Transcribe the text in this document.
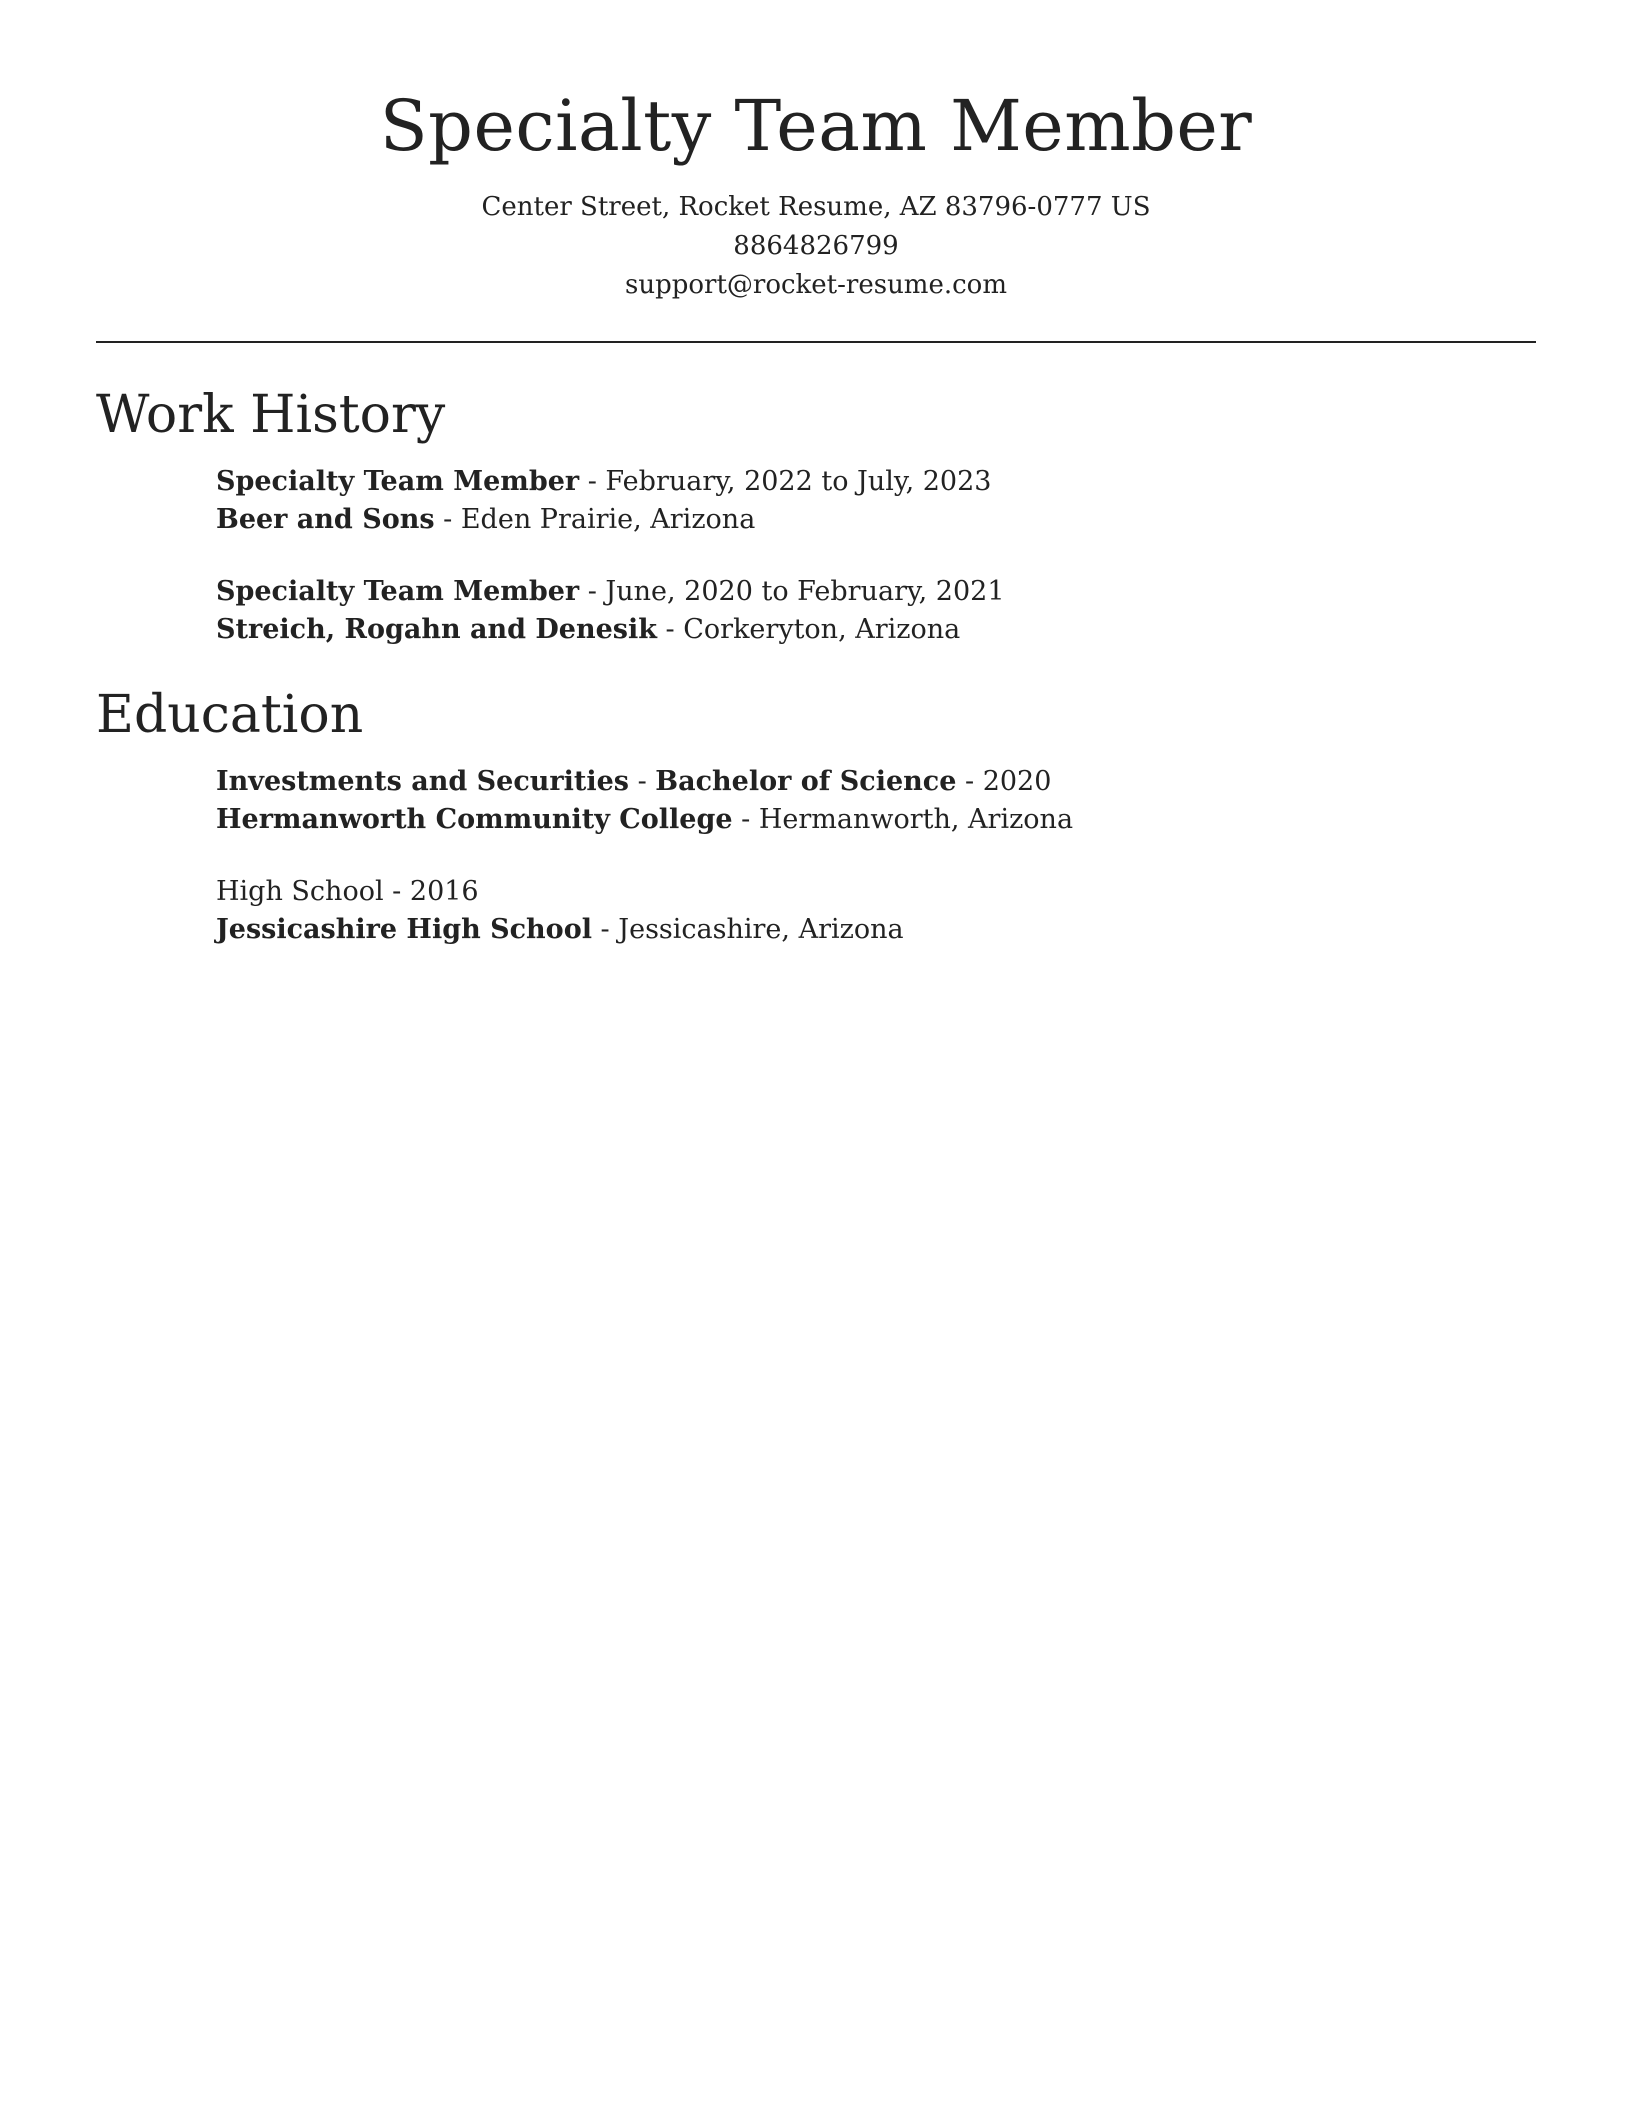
Specialty Team Member
Center Street, Rocket Resume, AZ 83796-0777 US
8864826799
support@rocket-resume.com
Work History
Specialty Team Member - February, 2022 to July, 2023
Beer and Sons - Eden Prairie, Arizona
Specialty Team Member - June, 2020 to February, 2021
Streich, Rogahn and Denesik - Corkeryton, Arizona
Education
Investments and Securities - Bachelor of Science - 2020
Hermanworth Community College - Hermanworth, Arizona
High School - 2016
Jessicashire High School - Jessicashire, Arizona
